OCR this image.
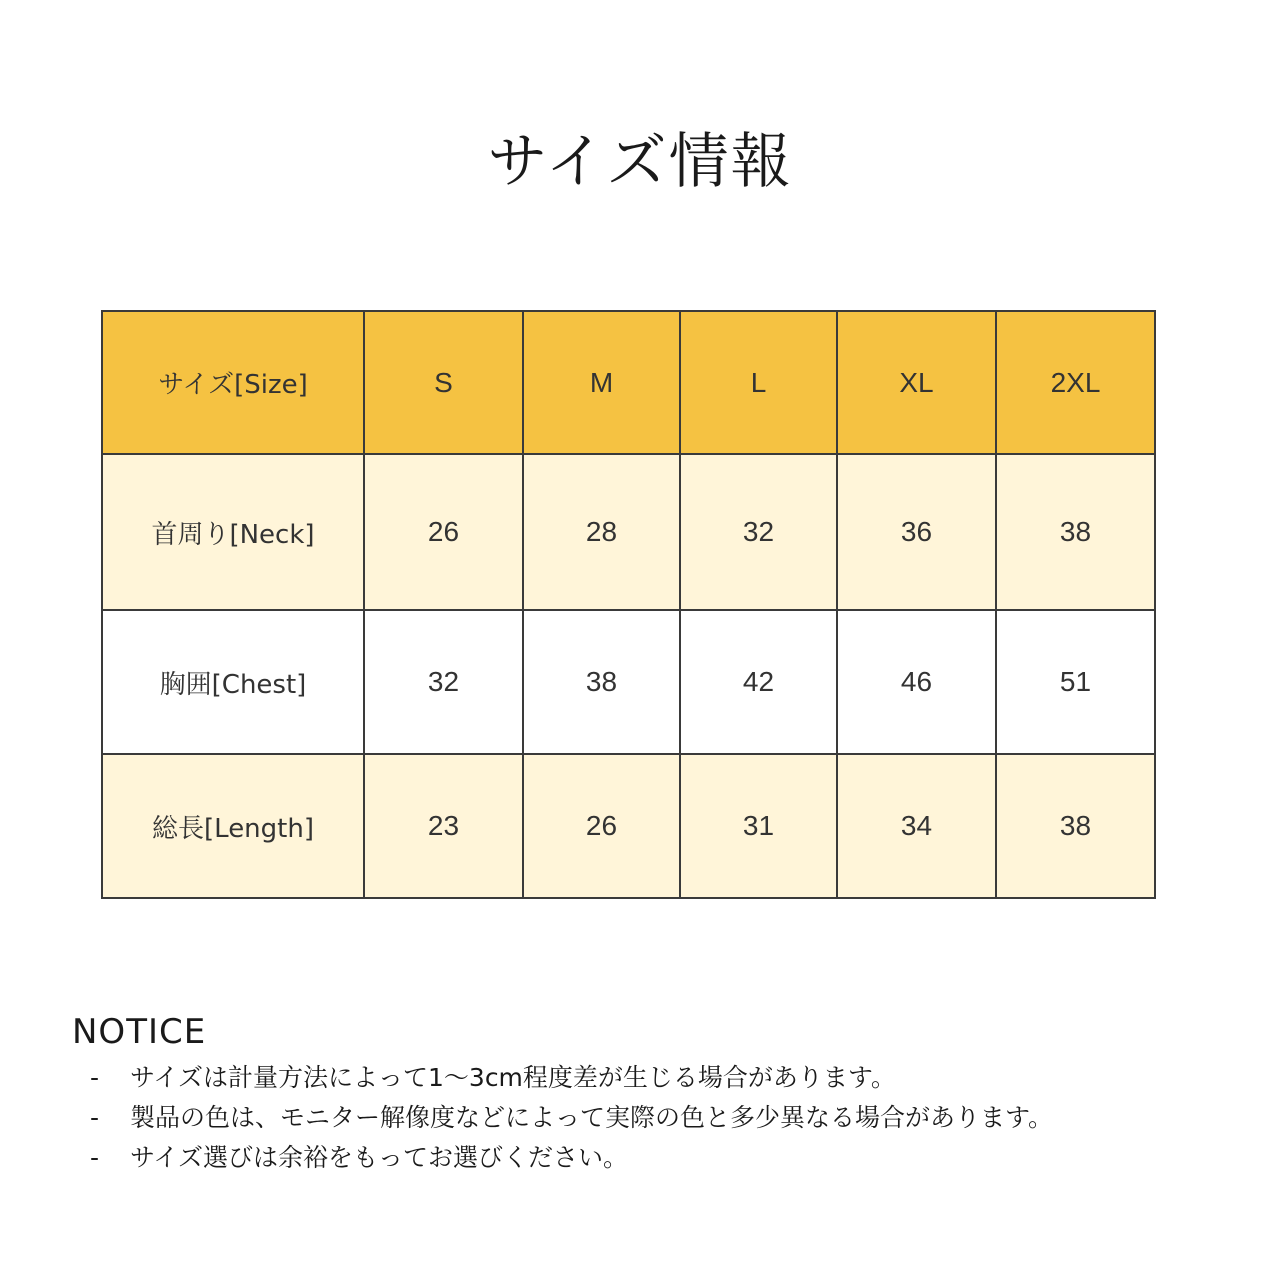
サイズ情報
サイズ[Size]	S	M	L	XL	2XL
首周り[Neck]	26	28	32	36	38
胸囲[Chest]	32	38	42	46	51
総長[Length]	23	26	31	34	38
NOTICE
-	サイズは計量方法によって1～3cm程度差が生じる場合があります。
-	製品の色は、モニター解像度などによって実際の色と多少異なる場合があります。
-	サイズ選びは余裕をもってお選びください。
